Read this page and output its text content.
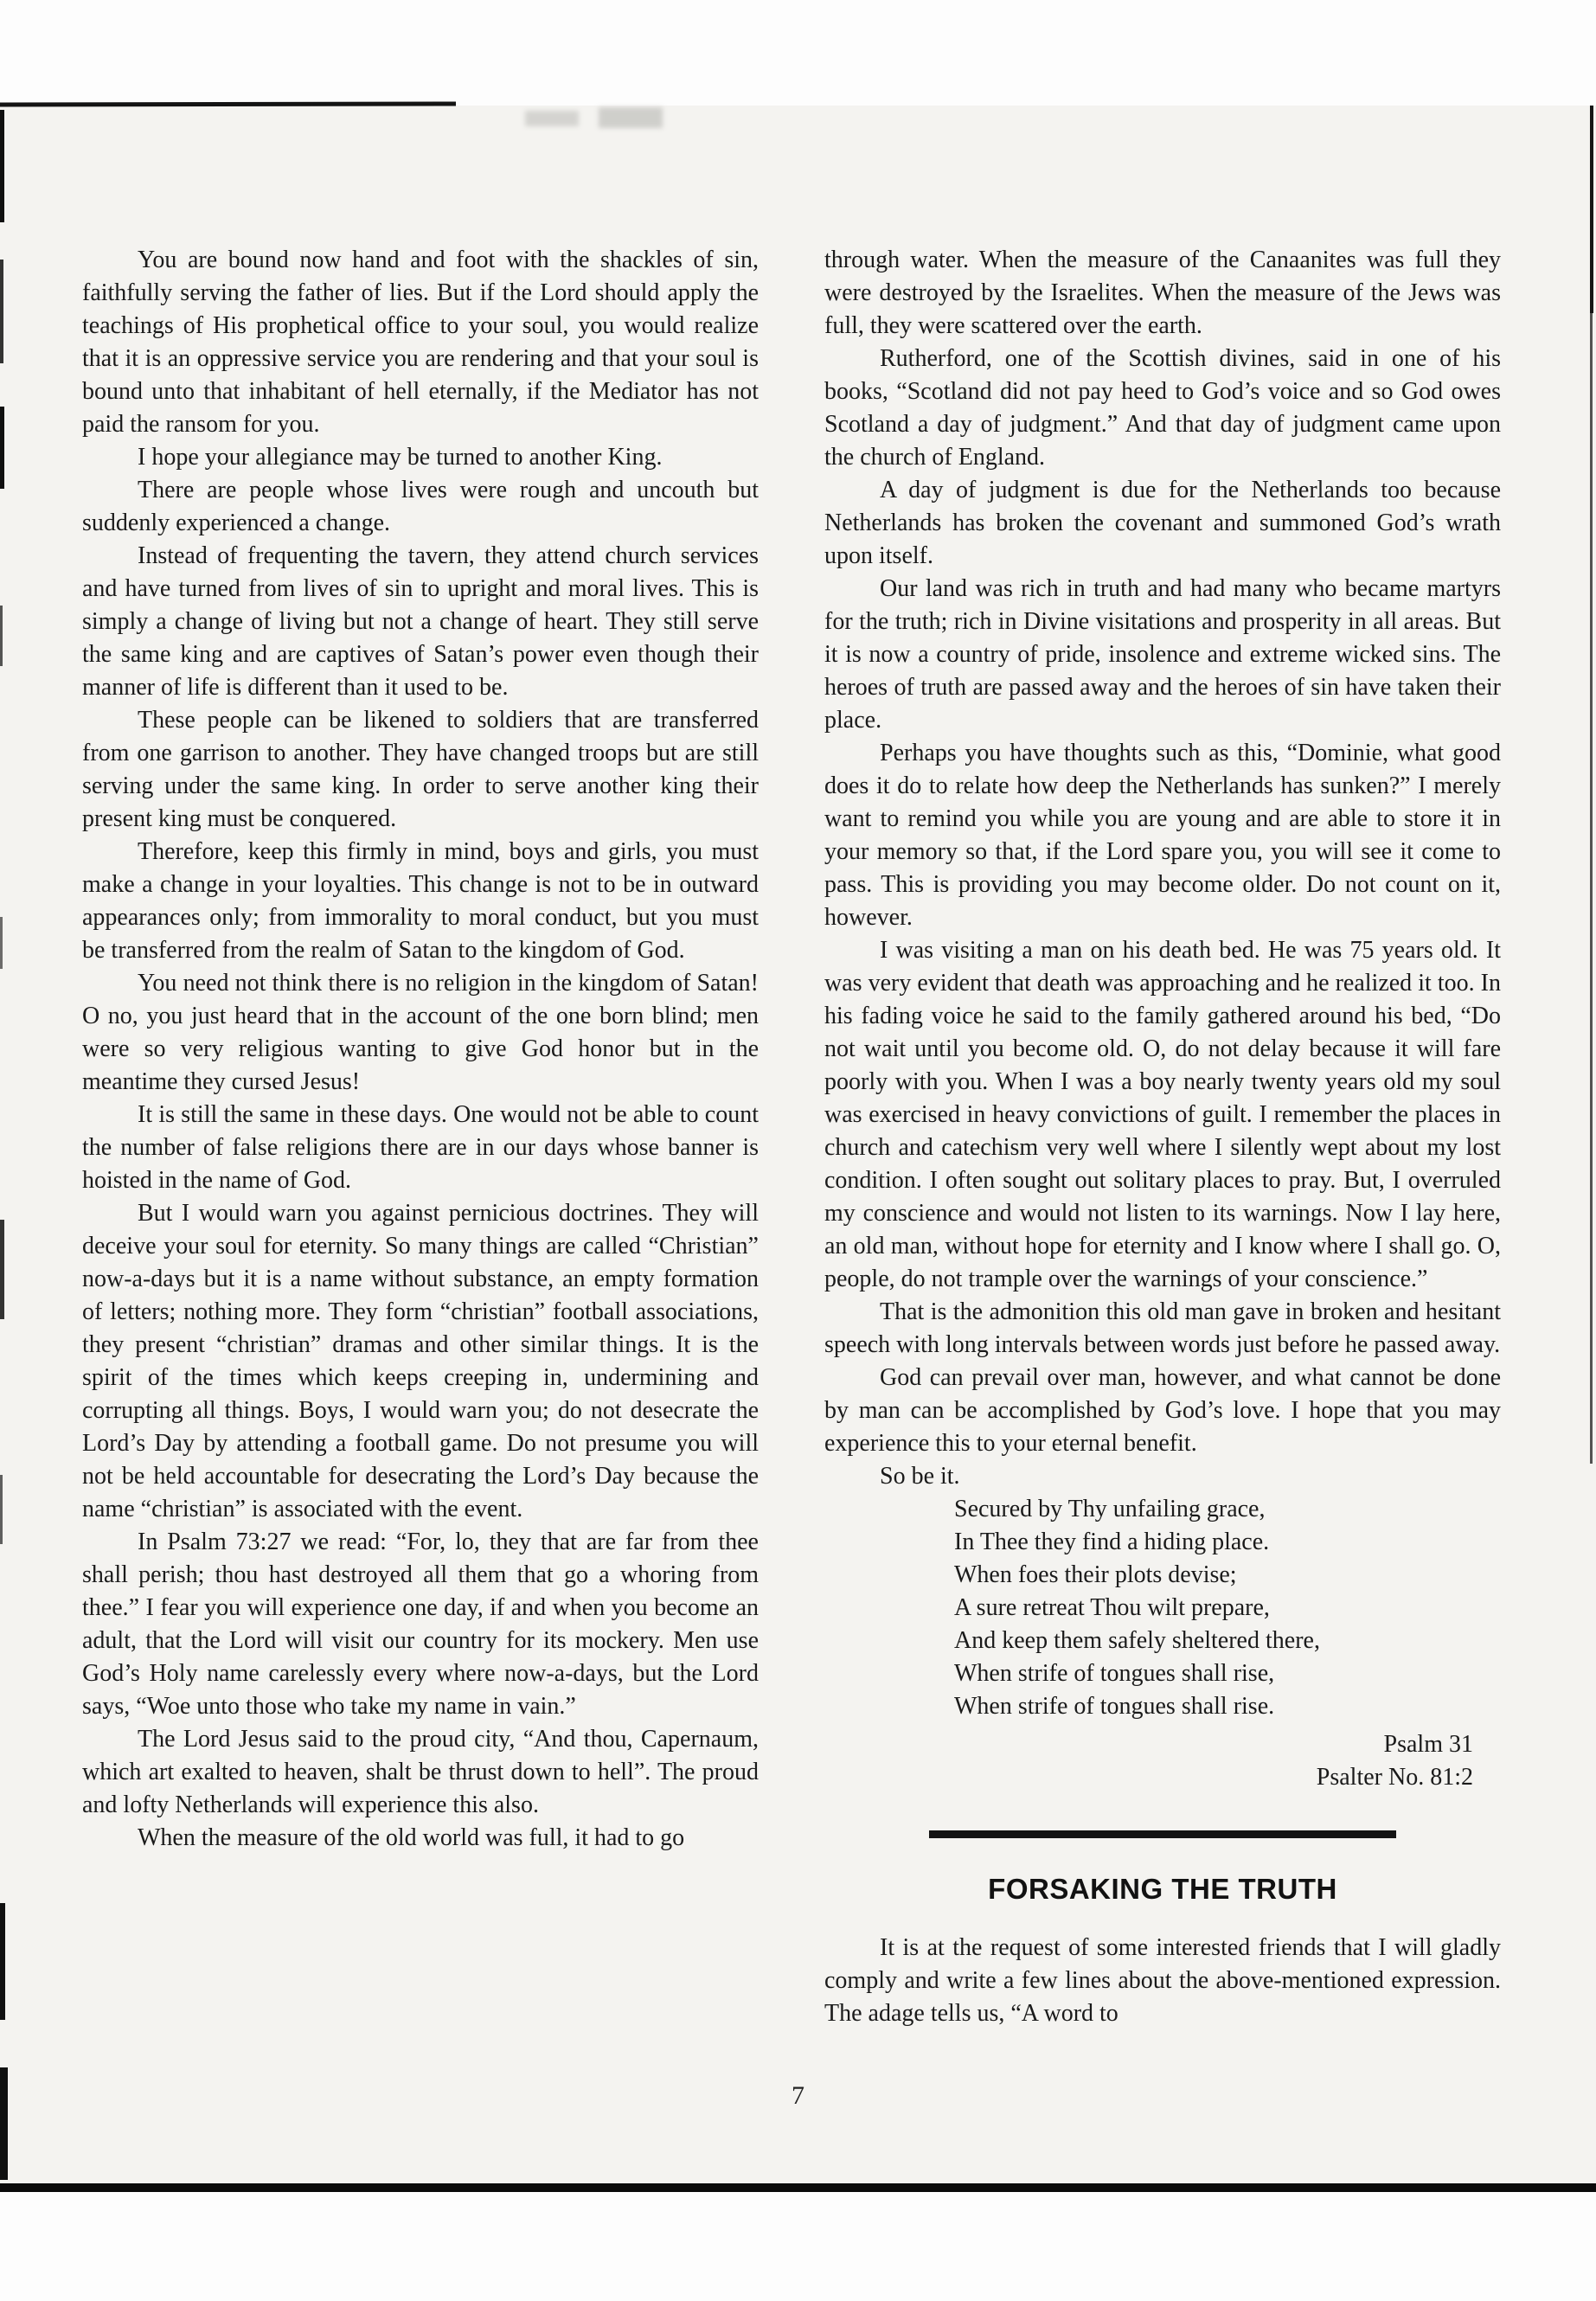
You are bound now hand and foot with the shackles of sin, faithfully serving the father of lies. But if the Lord should apply the teachings of His prophetical office to your soul, you would realize that it is an oppressive service you are rendering and that your soul is bound unto that inhabitant of hell eternally, if the Mediator has not paid the ransom for you.

I hope your allegiance may be turned to another King.

There are people whose lives were rough and uncouth but suddenly experienced a change.

Instead of frequenting the tavern, they attend church services and have turned from lives of sin to upright and moral lives. This is simply a change of living but not a change of heart. They still serve the same king and are captives of Satan’s power even though their manner of life is different than it used to be.

These people can be likened to soldiers that are transferred from one garrison to another. They have changed troops but are still serving under the same king. In order to serve another king their present king must be conquered.

Therefore, keep this firmly in mind, boys and girls, you must make a change in your loyalties. This change is not to be in outward appearances only; from immorality to moral conduct, but you must be transferred from the realm of Satan to the kingdom of God.

You need not think there is no religion in the kingdom of Satan! O no, you just heard that in the account of the one born blind; men were so very religious wanting to give God honor but in the meantime they cursed Jesus!

It is still the same in these days. One would not be able to count the number of false religions there are in our days whose banner is hoisted in the name of God.

But I would warn you against pernicious doctrines. They will deceive your soul for eternity. So many things are called “Christian” now-a-days but it is a name without substance, an empty formation of letters; nothing more. They form “christian” football associations, they present “christian” dramas and other similar things. It is the spirit of the times which keeps creeping in, undermining and corrupting all things. Boys, I would warn you; do not desecrate the Lord’s Day by attending a football game. Do not presume you will not be held accountable for desecrating the Lord’s Day because the name “christian” is associated with the event.

In Psalm 73:27 we read: “For, lo, they that are far from thee shall perish; thou hast destroyed all them that go a whoring from thee.” I fear you will experience one day, if and when you become an adult, that the Lord will visit our country for its mockery. Men use God’s Holy name carelessly every where now-a-days, but the Lord says, “Woe unto those who take my name in vain.”

The Lord Jesus said to the proud city, “And thou, Capernaum, which art exalted to heaven, shalt be thrust down to hell”. The proud and lofty Netherlands will experience this also.

When the measure of the old world was full, it had to go

through water. When the measure of the Canaanites was full they were destroyed by the Israelites. When the measure of the Jews was full, they were scattered over the earth.

Rutherford, one of the Scottish divines, said in one of his books, “Scotland did not pay heed to God’s voice and so God owes Scotland a day of judgment.” And that day of judgment came upon the church of England.

A day of judgment is due for the Netherlands too because Netherlands has broken the covenant and summoned God’s wrath upon itself.

Our land was rich in truth and had many who became martyrs for the truth; rich in Divine visitations and prosperity in all areas. But it is now a country of pride, insolence and extreme wicked sins. The heroes of truth are passed away and the heroes of sin have taken their place.

Perhaps you have thoughts such as this, “Dominie, what good does it do to relate how deep the Netherlands has sunken?” I merely want to remind you while you are young and are able to store it in your memory so that, if the Lord spare you, you will see it come to pass. This is providing you may become older. Do not count on it, however.

I was visiting a man on his death bed. He was 75 years old. It was very evident that death was approaching and he realized it too. In his fading voice he said to the family gathered around his bed, “Do not wait until you become old. O, do not delay because it will fare poorly with you. When I was a boy nearly twenty years old my soul was exercised in heavy convictions of guilt. I remember the places in church and catechism very well where I silently wept about my lost condition. I often sought out solitary places to pray. But, I overruled my conscience and would not listen to its warnings. Now I lay here, an old man, without hope for eternity and I know where I shall go. O, people, do not trample over the warnings of your conscience.”

That is the admonition this old man gave in broken and hesitant speech with long intervals between words just before he passed away.

God can prevail over man, however, and what cannot be done by man can be accomplished by God’s love. I hope that you may experience this to your eternal benefit.

So be it.

Secured by Thy unfailing grace,
In Thee they find a hiding place.
When foes their plots devise;
A sure retreat Thou wilt prepare,
And keep them safely sheltered there,
When strife of tongues shall rise,
When strife of tongues shall rise.
Psalm 31
Psalter No. 81:2
FORSAKING THE TRUTH

It is at the request of some interested friends that I will gladly comply and write a few lines about the above-mentioned expression. The adage tells us, “A word to

7
